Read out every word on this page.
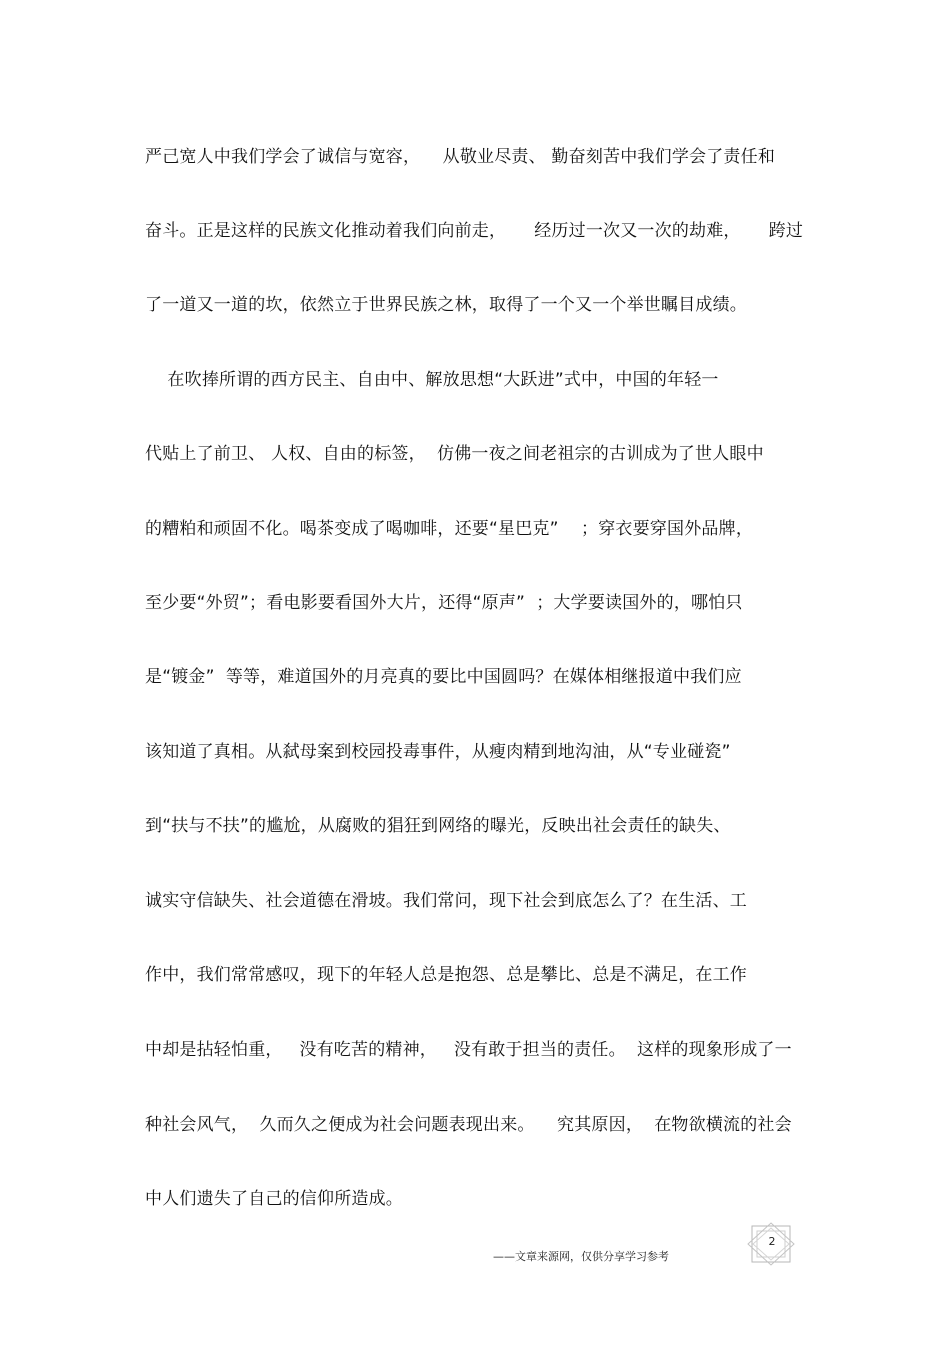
严己宽人中我们学会了诚信与宽容，    从敬业尽责、 勤奋刻苦中我们学会了责任和

奋斗。正是这样的民族文化推动着我们向前走，     经历过一次又一次的劫难，     跨过

了一道又一道的坎，依然立于世界民族之林，取得了一个又一个举世瞩目成绩。

在吹捧所谓的西方民主、自由中、解放思想“大跃进”式中，中国的年轻一

代贴上了前卫、 人权、自由的标签，  仿佛一夜之间老祖宗的古训成为了世人眼中

的糟粕和顽固不化。喝茶变成了喝咖啡，还要“星巴克”    ；穿衣要穿国外品牌，

至少要“外贸”；看电影要看国外大片，还得“原声”  ；大学要读国外的，哪怕只

是“镀金”  等等，难道国外的月亮真的要比中国圆吗？在媒体相继报道中我们应

该知道了真相。从弑母案到校园投毒事件，从瘦肉精到地沟油，从“专业碰瓷”

到“扶与不扶”的尴尬，从腐败的猖狂到网络的曝光，反映出社会责任的缺失、

诚实守信缺失、社会道德在滑坡。我们常问，现下社会到底怎么了？在生活、工

作中，我们常常感叹，现下的年轻人总是抱怨、总是攀比、总是不满足，在工作

中却是拈轻怕重，   没有吃苦的精神，   没有敢于担当的责任。  这样的现象形成了一

种社会风气，  久而久之便成为社会问题表现出来。    究其原因，  在物欲横流的社会

中人们遗失了自己的信仰所造成。

2
——文章来源网，仅供分享学习参考
